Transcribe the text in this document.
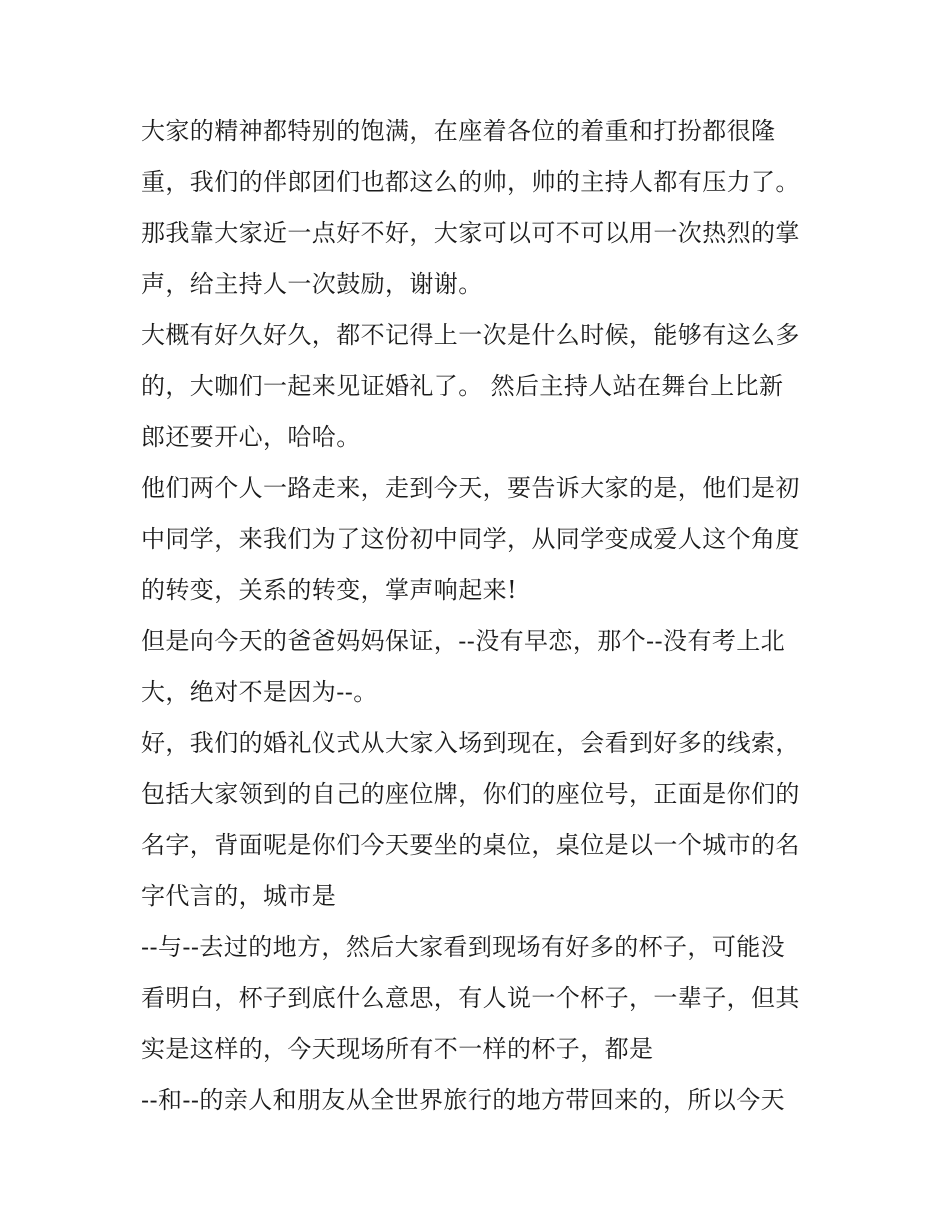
大家的精神都特别的饱满，在座着各位的着重和打扮都很隆
重，我们的伴郎团们也都这么的帅，帅的主持人都有压力了。
那我靠大家近一点好不好，大家可以可不可以用一次热烈的掌
声，给主持人一次鼓励，谢谢。
大概有好久好久，都不记得上一次是什么时候，能够有这么多
的，大咖们一起来见证婚礼了。 然后主持人站在舞台上比新
郎还要开心，哈哈。
他们两个人一路走来，走到今天，要告诉大家的是，他们是初
中同学，来我们为了这份初中同学，从同学变成爱人这个角度
的转变，关系的转变，掌声响起来!
但是向今天的爸爸妈妈保证，--没有早恋，那个--没有考上北
大，绝对不是因为--。
好，我们的婚礼仪式从大家入场到现在，会看到好多的线索，
包括大家领到的自己的座位牌，你们的座位号，正面是你们的
名字，背面呢是你们今天要坐的桌位，桌位是以一个城市的名
字代言的，城市是
--与--去过的地方，然后大家看到现场有好多的杯子，可能没
看明白，杯子到底什么意思，有人说一个杯子，一辈子，但其
实是这样的，今天现场所有不一样的杯子，都是
--和--的亲人和朋友从全世界旅行的地方带回来的，所以今天
